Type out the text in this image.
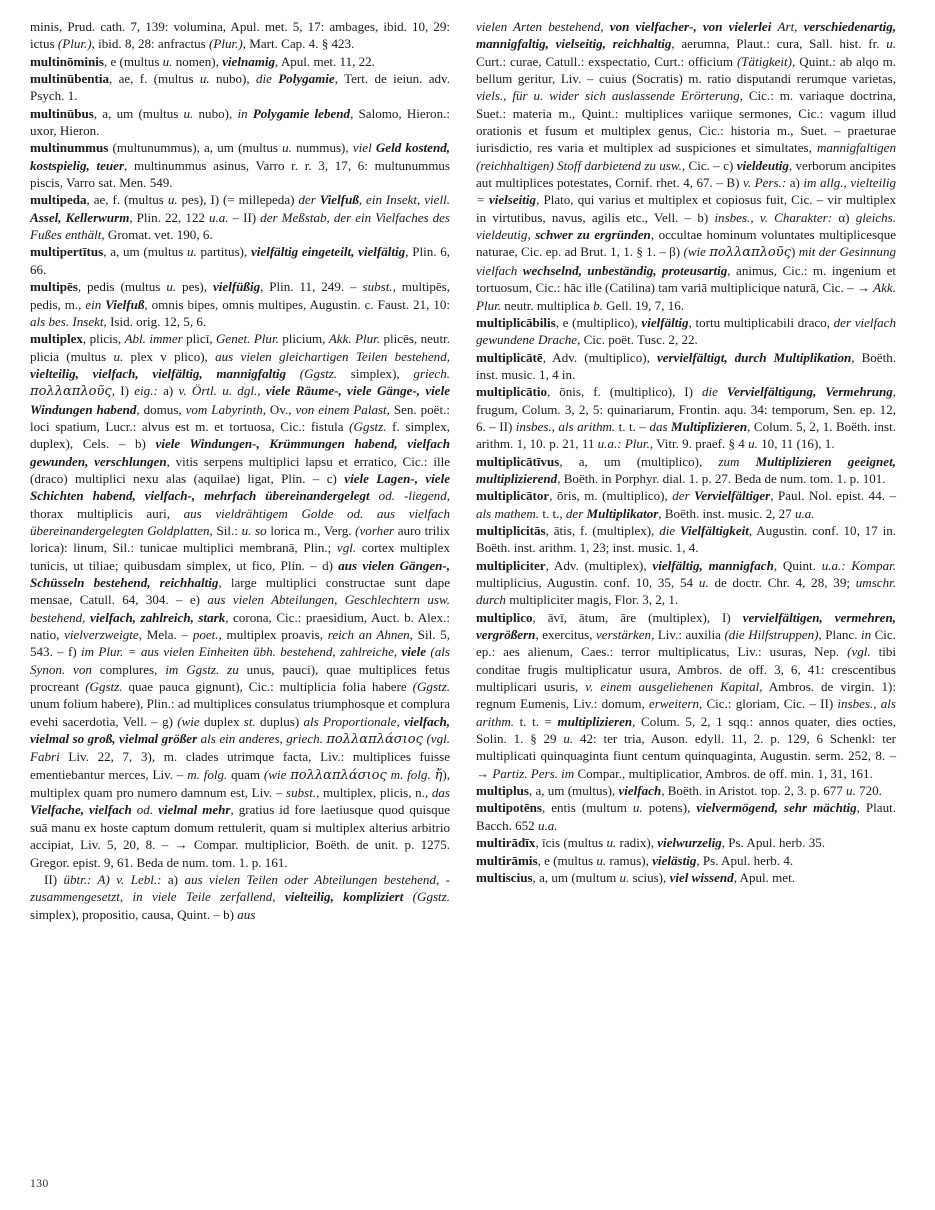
minis, Prud. cath. 7, 139: volumina, Apul. met. 5, 17: ambages, ibid. 10, 29: ictus (Plur.), ibid. 8, 28: anfractus (Plur.), Mart. Cap. 4. § 423.

multinōminis, e (multus u. nomen), vielnamig, Apul. met. 11, 22.

multinūbentia, ae, f. (multus u. nubo), die Polygamie, Tert. de ieiun. adv. Psych. 1.

multinūbus, a, um (multus u. nubo), in Polygamie lebend, Salomo, Hieron.: uxor, Hieron.

multinummus (multunummus), a, um (multus u. nummus), viel Geld kostend, kostspielig, teuer, multinummus asinus, Varro r. r. 3, 17, 6: multunummus piscis, Varro sat. Men. 549.

multipeda, ae, f. (multus u. pes), I) (= millepeda) der Vielfuß, ein Insekt, viell. Assel, Kellerwurm, Plin. 22, 122 u.a. – II) der Meßstab, der ein Vielfaches des Fußes enthält, Gromat. vet. 190, 6.

multipertītus, a, um (multus u. partitus), vielfältig eingeteilt, vielfältig, Plin. 6, 66.

multipēs, pedis (multus u. pes), vielfüßig, Plin. 11, 249. – subst., multipēs, pedis, m., ein Vielfuß, omnis bipes, omnis multipes, Augustin. c. Faust. 21, 10: als bes. Insekt, Isid. orig. 12, 5, 6.

multiplex, plicis, Abl. immer plicī, Genet. Plur. plicium, Akk. Plur. plicēs, neutr. plicia (multus u. plex v plico), aus vielen gleichartigen Teilen bestehend, vielteilig, vielfach, vielfältig, mannigfaltig (Ggstz. simplex), griech. πολλαπλοῦς, I) eig.: a) v. Örtl. u. dgl., viele Räume-, viele Gänge-, viele Windungen habend, domus, vom Labyrinth, Ov., von einem Palast, Sen. poët.: loci spatium, Lucr.: alvus est m. et tortuosa, Cic.: fistula (Ggstz. f. simplex, duplex), Cels. – b) viele Windungen-, Krümmungen habend, vielfach gewunden, verschlungen, vitis serpens multiplici lapsu et erratico, Cic.: ille (draco) multiplici nexu alas (aquilae) ligat, Plin. – c) viele Lagen-, viele Schichten habend, vielfach-, mehrfach übereinandergelegt od. -liegend, thorax multiplicis auri, aus vieldrähtigem Golde od. aus vielfach übereinandergelegten Goldplatten, Sil.: u. so lorica m., Verg. (vorher auro trilix lorica): linum, Sil.: tunicae multiplici membranā, Plin.; vgl. cortex multiplex tunicis, ut tiliae; quibusdam simplex, ut fico, Plin. – d) aus vielen Gängen-, Schüsseln bestehend, reichhaltig, large multiplici constructae sunt dape mensae, Catull. 64, 304. – e) aus vielen Abteilungen, Geschlechtern usw. bestehend, vielfach, zahlreich, stark, corona, Cic.: praesidium, Auct. b. Alex.: natio, vielverzweigte, Mela. – poet., multiplex proavis, reich an Ahnen, Sil. 5, 543. – f) im Plur. = aus vielen Einheiten übh. bestehend, zahlreiche, viele (als Synon. von complures, im Ggstz. zu unus, pauci), quae multiplices fetus procreant (Ggstz. quae pauca gignunt), Cic.: multiplicia folia habere (Ggstz. unum folium habere), Plin.: ad multiplices consulatus triumphosque et complura evehi sacerdotia, Vell. – g) (wie duplex st. duplus) als Proportionale, vielfach, vielmal so groß, vielmal größer als ein anderes, griech. πολλαπλάσιος (vgl. Fabri Liv. 22, 7, 3), m. clades utrimque facta, Liv.: multiplices fuisse ementiebantur merces, Liv. – m. folg. quam (wie πολλαπλάσιος m. folg. ἤ), multiplex quam pro numero damnum est, Liv. – subst., multiplex, plicis, n., das Vielfache, vielfach od. vielmal mehr, gratius id fore laetiusque quod quisque suā manu ex hoste captum domum rettulerit, quam si multiplex alterius arbitrio accipiat, Liv. 5, 20, 8. – → Compar. multiplicior, Boëth. de unit. p. 1275. Gregor. epist. 9, 61. Beda de num. tom. 1. p. 161.

II) übtr.: A) v. Lebl.: a) aus vielen Teilen oder Abteilungen bestehend, -zusammengesetzt, in viele Teile zerfallend, vielteilig, kompliziert (Ggstz. simplex), propositio, causa, Quint. – b) aus

vielen Arten bestehend, von vielfacher-, von vielerlei Art, verschiedenartig, mannigfaltig, vielseitig, reichhaltig, aerumna, Plaut.: cura, Sall. hist. fr. u. Curt.: curae, Catull.: exspectatio, Curt.: officium (Tätigkeit), Quint.: ab alqo m. bellum geritur, Liv. – cuius (Socratis) m. ratio disputandi rerumque varietas, viels., für u. wider sich auslassende Erörterung, Cic.: m. variaque doctrina, Suet.: materia m., Quint.: multiplices variique sermones, Cic.: vagum illud orationis et fusum et multiplex genus, Cic.: historia m., Suet. – praeturae iurisdictio, res varia et multiplex ad suspiciones et simultates, mannigfaltigen (reichhaltigen) Stoff darbietend zu usw., Cic. – c) vieldeutig, verborum ancipites aut multiplices potestates, Cornif. rhet. 4, 67. – B) v. Pers.: a) im allg., vielteilig = vielseitig, Plato, qui varius et multiplex et copiosus fuit, Cic. – vir multiplex in virtutibus, navus, agilis etc., Vell. – b) insbes., v. Charakter: α) gleichs. vieldeutig, schwer zu ergründen, occultae hominum voluntates multiplicesque naturae, Cic. ep. ad Brut. 1, 1. § 1. – β) (wie πολλαπλοῦς) mit der Gesinnung vielfach wechselnd, unbeständig, proteusartig, animus, Cic.: m. ingenium et tortuosum, Cic.: hāc ille (Catilina) tam variā multiplicique naturā, Cic. – → Akk. Plur. neutr. multiplica b. Gell. 19, 7, 16.

multiplicābilis, e (multiplico), vielfältig, tortu multiplicabili draco, der vielfach gewundene Drache, Cic. poët. Tusc. 2, 22.

multiplicātē, Adv. (multiplico), vervielfältigt, durch Multiplikation, Boëth. inst. music. 1, 4 in.

multiplicātio, ōnis, f. (multiplico), I) die Vervielfältigung, Vermehrung, frugum, Colum. 3, 2, 5: quinariarum, Frontin. aqu. 34: temporum, Sen. ep. 12, 6. – II) insbes., als arithm. t. t. – das Multiplizieren, Colum. 5, 2, 1. Boëth. inst. arithm. 1, 10. p. 21, 11 u.a.: Plur., Vitr. 9. praef. § 4 u. 10, 11 (16), 1.

multiplicātīvus, a, um (multiplico), zum Multiplizieren geeignet, multiplizierend, Boëth. in Porphyr. dial. 1. p. 27. Beda de num. tom. 1. p. 101.

multiplicātor, ōris, m. (multiplico), der Vervielfältiger, Paul. Nol. epist. 44. – als mathem. t. t., der Multiplikator, Boëth. inst. music. 2, 27 u.a.

multiplicitās, ātis, f. (multiplex), die Vielfältigkeit, Augustin. conf. 10, 17 in. Boëth. inst. arithm. 1, 23; inst. music. 1, 4.

multipliciter, Adv. (multiplex), vielfältig, mannigfach, Quint. u.a.: Kompar. multiplicius, Augustin. conf. 10, 35, 54 u. de doctr. Chr. 4, 28, 39; umschr. durch multipliciter magis, Flor. 3, 2, 1.

multiplico, āvī, ātum, āre (multiplex), I) vervielfältigen, vermehren, vergrößern, exercitus, verstärken, Liv.: auxilia (die Hilfstruppen), Planc. in Cic. ep.: aes alienum, Caes.: terror multiplicatus, Liv.: usuras, Nep. (vgl. tibi conditae frugis multiplicatur usura, Ambros. de off. 3, 6, 41: crescentibus multiplicari usuris, v. einem ausgeliehenen Kapital, Ambros. de virgin. 1): regnum Eumenis, Liv.: domum, erweitern, Cic.: gloriam, Cic. – II) insbes., als arithm. t. t. = multiplizieren, Colum. 5, 2, 1 sqq.: annos quater, dies octies, Solin. 1. § 29 u. 42: ter tria, Auson. edyll. 11, 2. p. 129, 6 Schenkl: ter multiplicati quinquaginta fiunt centum quinquaginta, Augustin. serm. 252, 8. – → Partiz. Pers. im Compar., multiplicatior, Ambros. de off. min. 1, 31, 161.

multiplus, a, um (multus), vielfach, Boëth. in Aristot. top. 2, 3. p. 677 u. 720.

multipotēns, entis (multum u. potens), vielvermögend, sehr mächtig, Plaut. Bacch. 652 u.a.

multirādīx, īcis (multus u. radix), vielwurzelig, Ps. Apul. herb. 35.

multirāmis, e (multus u. ramus), vielästig, Ps. Apul. herb. 4.

multiscius, a, um (multum u. scius), viel wissend, Apul. met.

130
